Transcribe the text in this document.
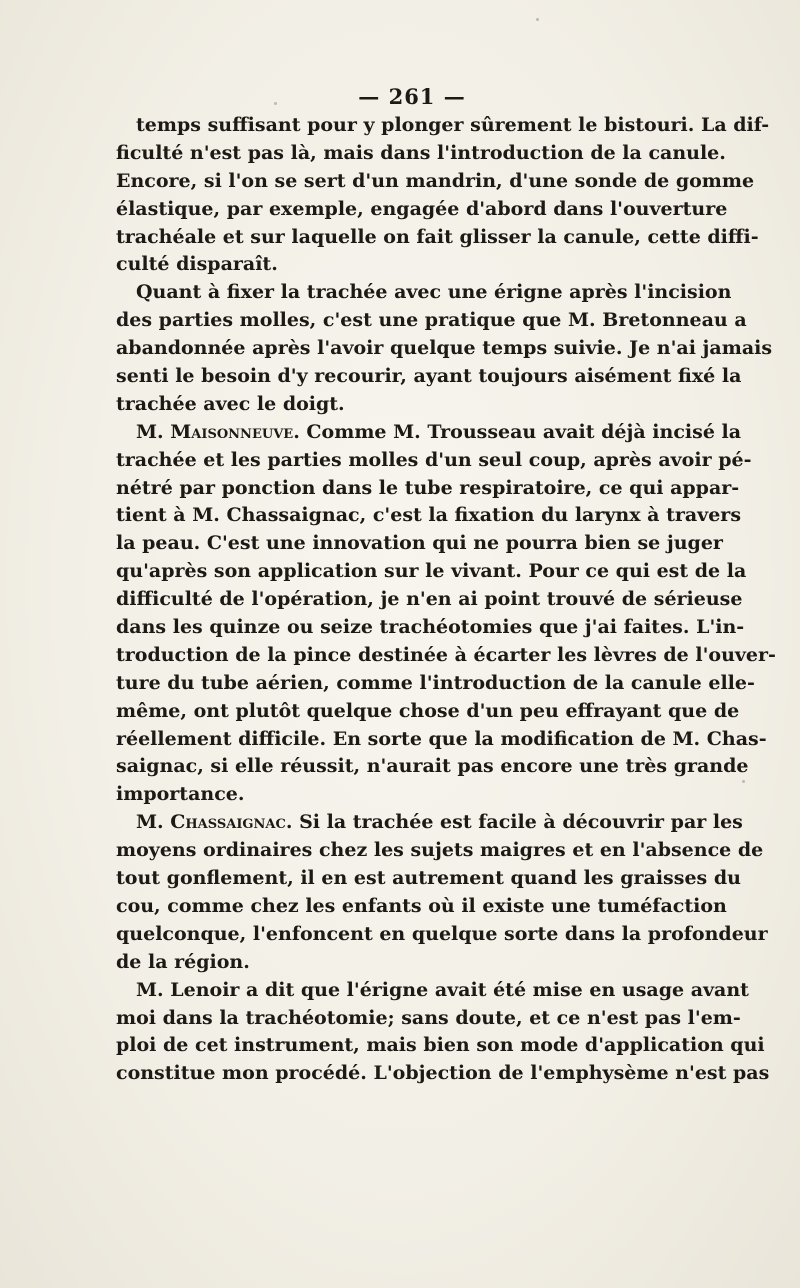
— 261 —
temps suffisant pour y plonger sûrement le bistouri. La dif-
ficulté n'est pas là, mais dans l'introduction de la canule.
Encore, si l'on se sert d'un mandrin, d'une sonde de gomme
élastique, par exemple, engagée d'abord dans l'ouverture
trachéale et sur laquelle on fait glisser la canule, cette diffi-
culté disparaît.
Quant à fixer la trachée avec une érigne après l'incision
des parties molles, c'est une pratique que M. Bretonneau a
abandonnée après l'avoir quelque temps suivie. Je n'ai jamais
senti le besoin d'y recourir, ayant toujours aisément fixé la
trachée avec le doigt.
M. Maisonneuve. Comme M. Trousseau avait déjà incisé la
trachée et les parties molles d'un seul coup, après avoir pé-
nétré par ponction dans le tube respiratoire, ce qui appar-
tient à M. Chassaignac, c'est la fixation du larynx à travers
la peau. C'est une innovation qui ne pourra bien se juger
qu'après son application sur le vivant. Pour ce qui est de la
difficulté de l'opération, je n'en ai point trouvé de sérieuse
dans les quinze ou seize trachéotomies que j'ai faites. L'in-
troduction de la pince destinée à écarter les lèvres de l'ouver-
ture du tube aérien, comme l'introduction de la canule elle-
même, ont plutôt quelque chose d'un peu effrayant que de
réellement difficile. En sorte que la modification de M. Chas-
saignac, si elle réussit, n'aurait pas encore une très grande
importance.
M. Chassaignac. Si la trachée est facile à découvrir par les
moyens ordinaires chez les sujets maigres et en l'absence de
tout gonflement, il en est autrement quand les graisses du
cou, comme chez les enfants où il existe une tuméfaction
quelconque, l'enfoncent en quelque sorte dans la profondeur
de la région.
M. Lenoir a dit que l'érigne avait été mise en usage avant
moi dans la trachéotomie; sans doute, et ce n'est pas l'em-
ploi de cet instrument, mais bien son mode d'application qui
constitue mon procédé. L'objection de l'emphysème n'est pas
